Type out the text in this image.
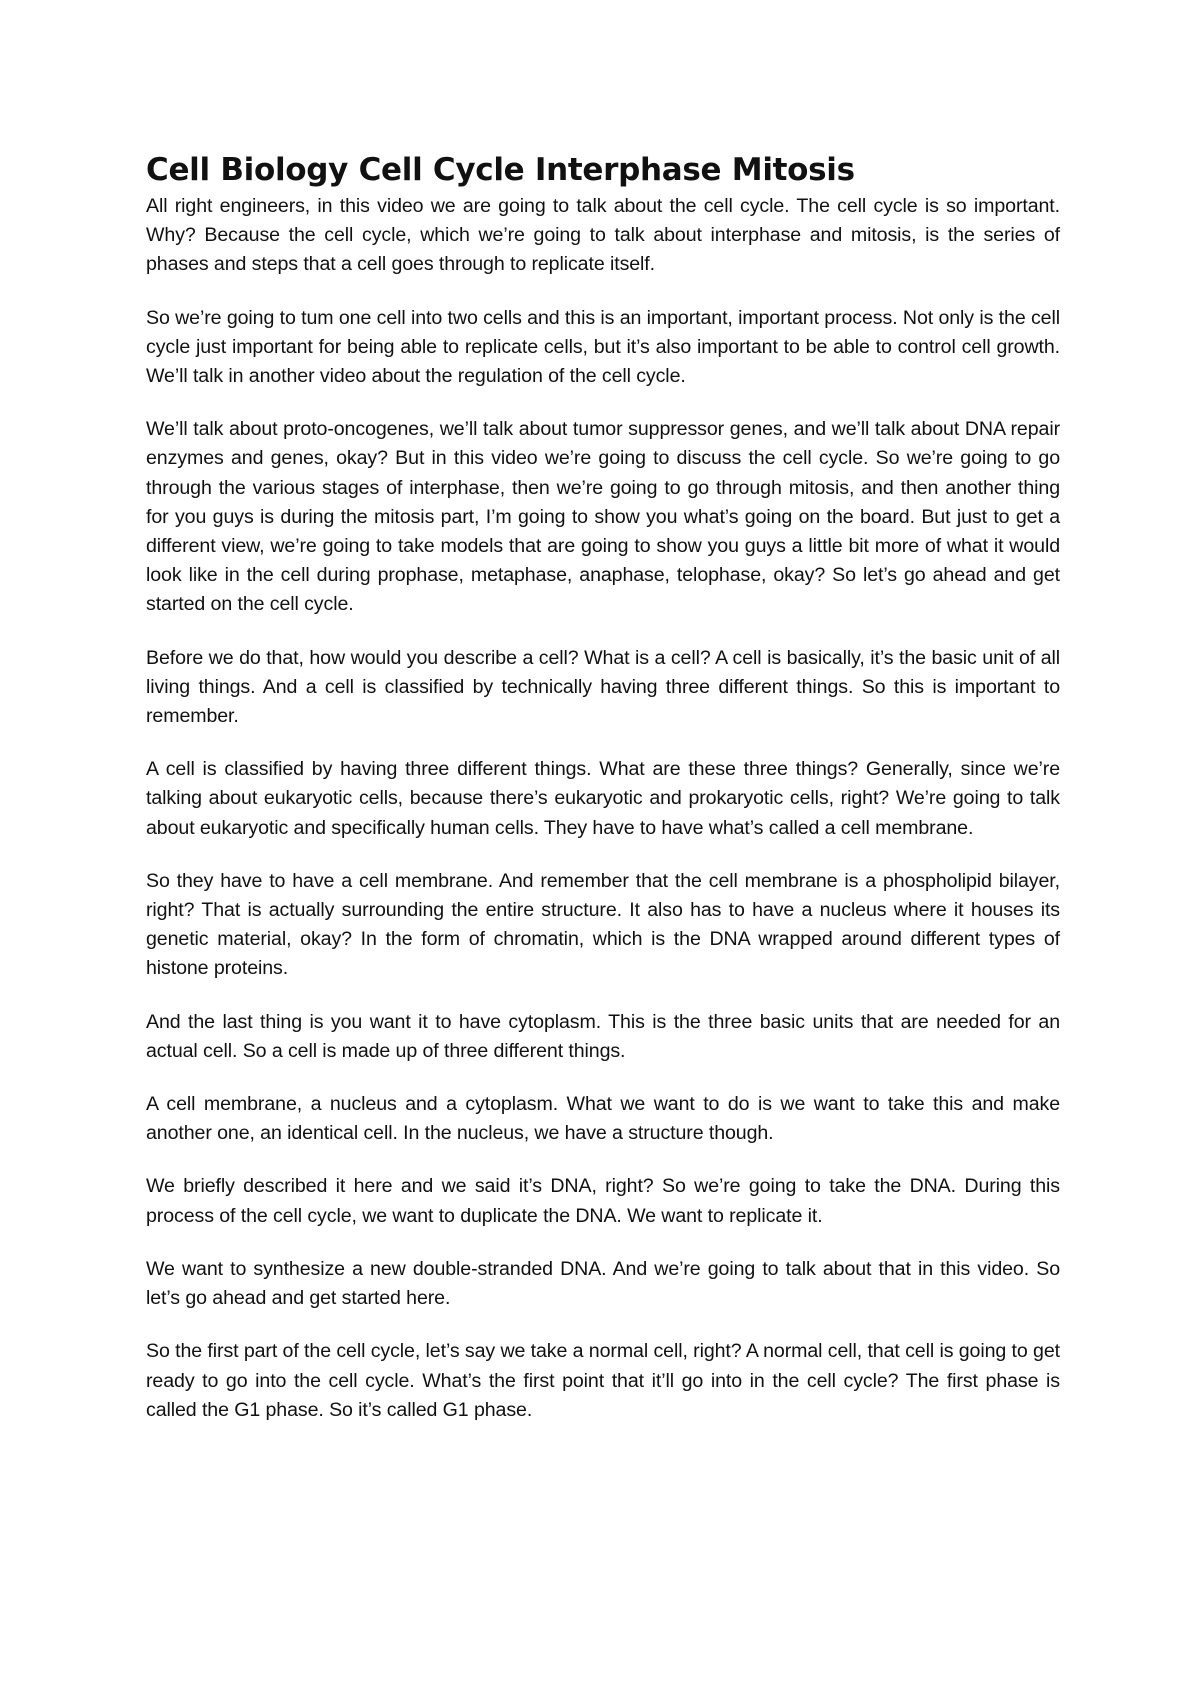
Cell Biology Cell Cycle Interphase Mitosis

All right engineers, in this video we are going to talk about the cell cycle. The cell cycle is so important. Why? Because the cell cycle, which we’re going to talk about interphase and mitosis, is the series of phases and steps that a cell goes through to replicate itself.

So we’re going to tum one cell into two cells and this is an important, important process. Not only is the cell cycle just important for being able to replicate cells, but it’s also important to be able to control cell growth. We’ll talk in another video about the regulation of the cell cycle.

We’ll talk about proto-oncogenes, we’ll talk about tumor suppressor genes, and we’ll talk about DNA repair enzymes and genes, okay? But in this video we’re going to discuss the cell cycle. So we’re going to go through the various stages of interphase, then we’re going to go through mitosis, and then another thing for you guys is during the mitosis part, I’m going to show you what’s going on the board. But just to get a different view, we’re going to take models that are going to show you guys a little bit more of what it would look like in the cell during prophase, metaphase, anaphase, telophase, okay? So let’s go ahead and get started on the cell cycle.

Before we do that, how would you describe a cell? What is a cell? A cell is basically, it’s the basic unit of all living things. And a cell is classified by technically having three different things. So this is important to remember.

A cell is classified by having three different things. What are these three things? Generally, since we’re talking about eukaryotic cells, because there’s eukaryotic and prokaryotic cells, right? We’re going to talk about eukaryotic and specifically human cells. They have to have what’s called a cell membrane.

So they have to have a cell membrane. And remember that the cell membrane is a phospholipid bilayer, right? That is actually surrounding the entire structure. It also has to have a nucleus where it houses its genetic material, okay? In the form of chromatin, which is the DNA wrapped around different types of histone proteins.

And the last thing is you want it to have cytoplasm. This is the three basic units that are needed for an actual cell. So a cell is made up of three different things.

A cell membrane, a nucleus and a cytoplasm. What we want to do is we want to take this and make another one, an identical cell. In the nucleus, we have a structure though.

We briefly described it here and we said it’s DNA, right? So we’re going to take the DNA. During this process of the cell cycle, we want to duplicate the DNA. We want to replicate it.

We want to synthesize a new double-stranded DNA. And we’re going to talk about that in this video. So let’s go ahead and get started here.

So the first part of the cell cycle, let’s say we take a normal cell, right? A normal cell, that cell is going to get ready to go into the cell cycle. What’s the first point that it’ll go into in the cell cycle? The first phase is called the G1 phase. So it’s called G1 phase.
